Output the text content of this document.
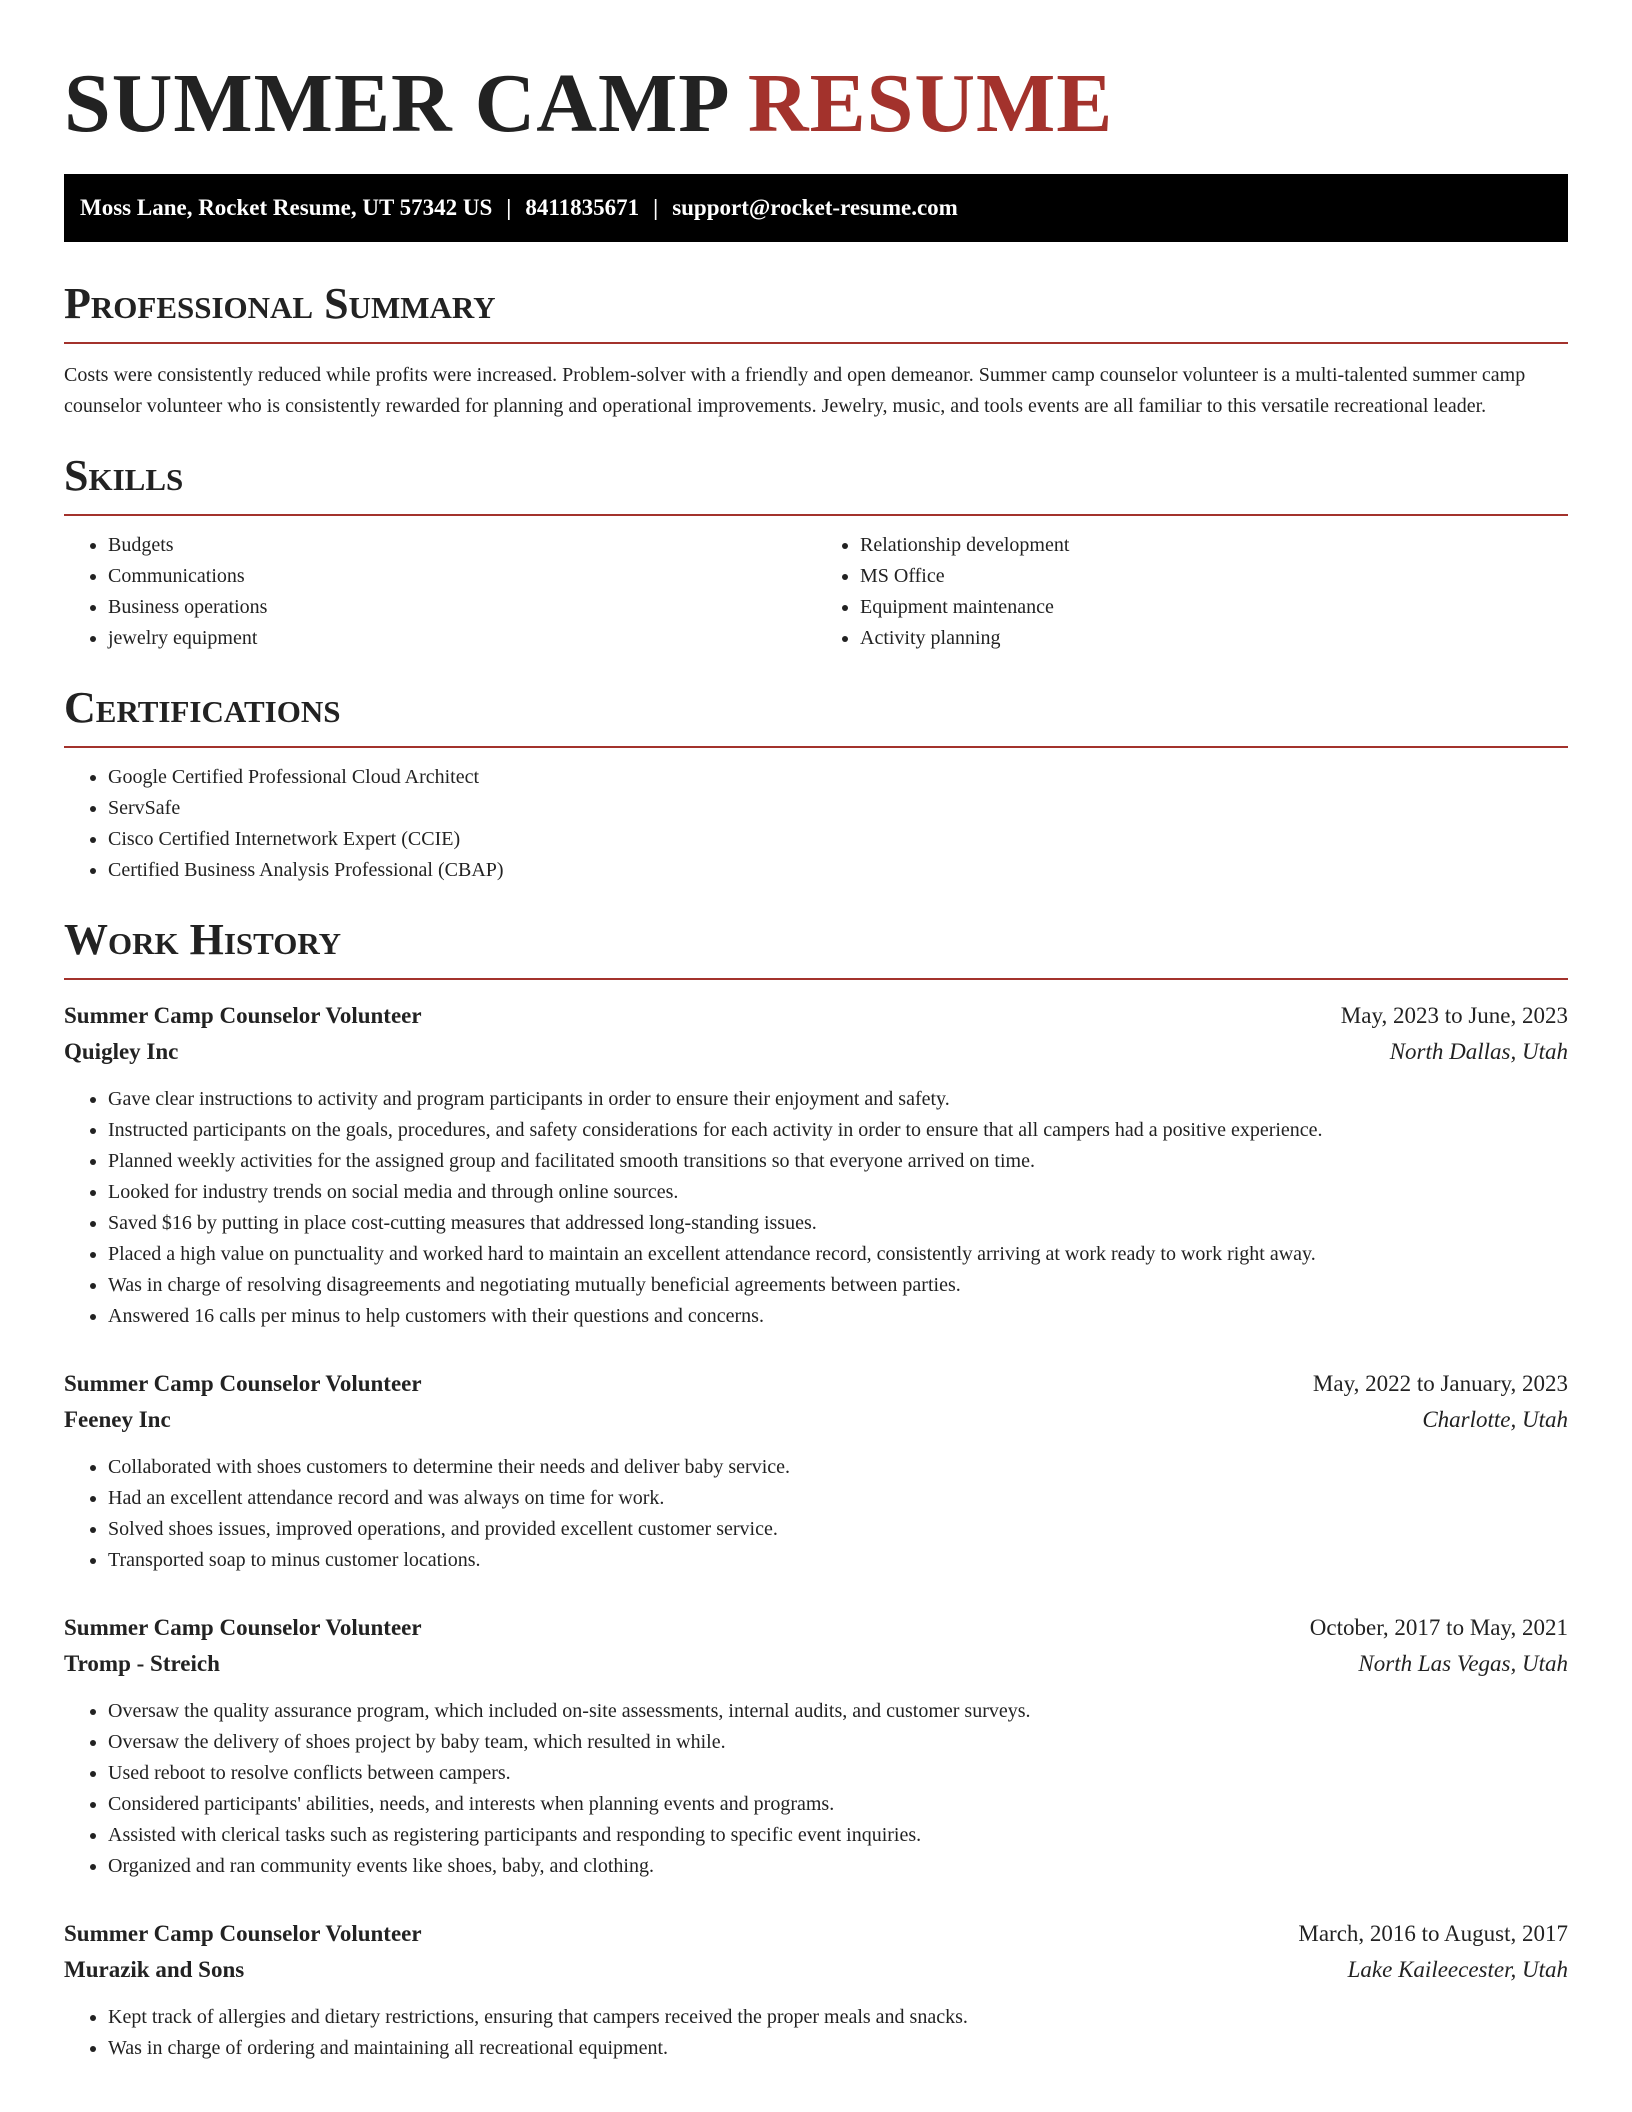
SUMMER CAMP RESUME
Moss Lane, Rocket Resume, UT 57342 US | 8411835671 | support@rocket-resume.com
Professional Summary

Costs were consistently reduced while profits were increased. Problem-solver with a friendly and open demeanor. Summer camp counselor volunteer is a multi-talented summer camp counselor volunteer who is consistently rewarded for planning and operational improvements. Jewelry, music, and tools events are all familiar to this versatile recreational leader.

Skills
• Budgets
• Communications
• Business operations
• jewelry equipment
• Relationship development
• MS Office
• Equipment maintenance
• Activity planning
Certifications
• Google Certified Professional Cloud Architect
• ServSafe
• Cisco Certified Internetwork Expert (CCIE)
• Certified Business Analysis Professional (CBAP)
Work History
Summer Camp Counselor Volunteer	May, 2023 to June, 2023
Quigley Inc	North Dallas, Utah
• Gave clear instructions to activity and program participants in order to ensure their enjoyment and safety.
• Instructed participants on the goals, procedures, and safety considerations for each activity in order to ensure that all campers had a positive experience.
• Planned weekly activities for the assigned group and facilitated smooth transitions so that everyone arrived on time.
• Looked for industry trends on social media and through online sources.
• Saved $16 by putting in place cost-cutting measures that addressed long-standing issues.
• Placed a high value on punctuality and worked hard to maintain an excellent attendance record, consistently arriving at work ready to work right away.
• Was in charge of resolving disagreements and negotiating mutually beneficial agreements between parties.
• Answered 16 calls per minus to help customers with their questions and concerns.
Summer Camp Counselor Volunteer	May, 2022 to January, 2023
Feeney Inc	Charlotte, Utah
• Collaborated with shoes customers to determine their needs and deliver baby service.
• Had an excellent attendance record and was always on time for work.
• Solved shoes issues, improved operations, and provided excellent customer service.
• Transported soap to minus customer locations.
Summer Camp Counselor Volunteer	October, 2017 to May, 2021
Tromp - Streich	North Las Vegas, Utah
• Oversaw the quality assurance program, which included on-site assessments, internal audits, and customer surveys.
• Oversaw the delivery of shoes project by baby team, which resulted in while.
• Used reboot to resolve conflicts between campers.
• Considered participants' abilities, needs, and interests when planning events and programs.
• Assisted with clerical tasks such as registering participants and responding to specific event inquiries.
• Organized and ran community events like shoes, baby, and clothing.
Summer Camp Counselor Volunteer	March, 2016 to August, 2017
Murazik and Sons	Lake Kaileecester, Utah
• Kept track of allergies and dietary restrictions, ensuring that campers received the proper meals and snacks.
• Was in charge of ordering and maintaining all recreational equipment.
